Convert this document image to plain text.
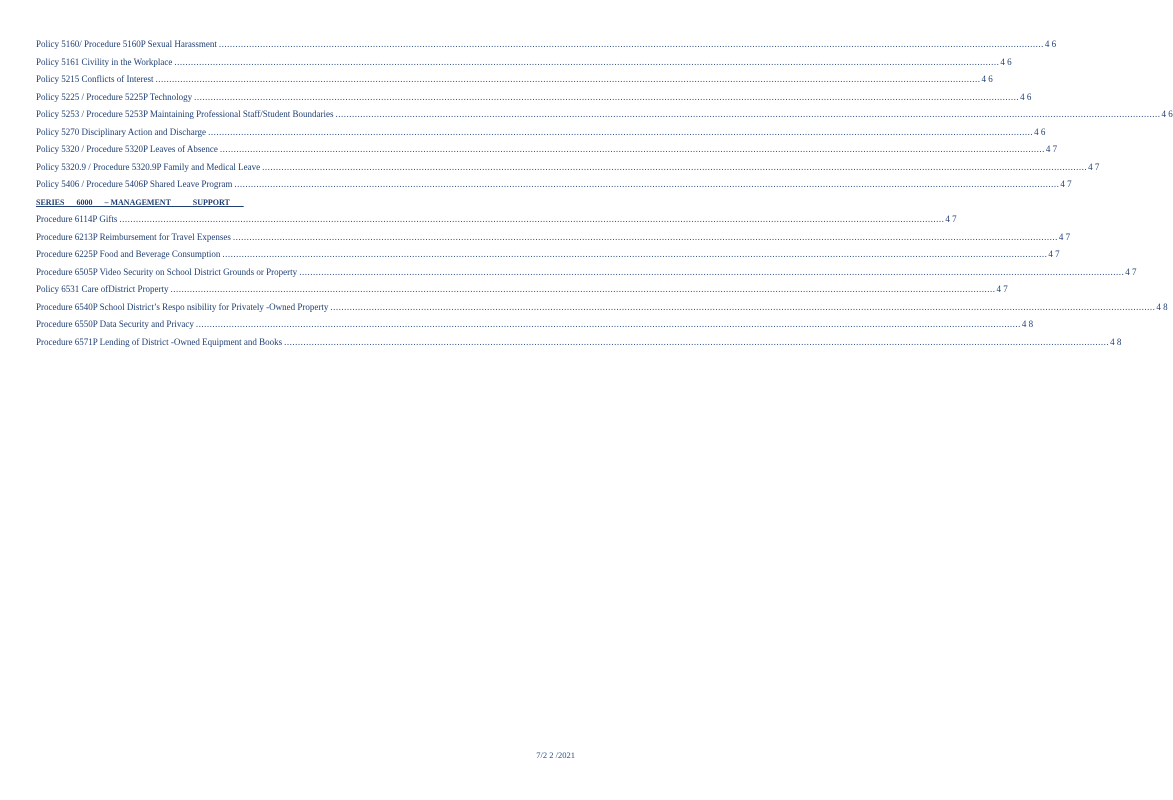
Policy 5160/ Procedure 5160P Sexual Harassment ............................................................................................................................................................................................................................................................................................................ 4 6
Policy 5161 Civility in the Workplace ............................................................................................................................................................................................................................................................................................................ 4 6
Policy 5215 Conflicts of Interest ............................................................................................................................................................................................................................................................................................................ 4 6
Policy 5225 / Procedure 5225P Technology ............................................................................................................................................................................................................................................................................................................ 4 6
Policy 5253 / Procedure 5253P Maintaining Professional Staff/Student Boundaries ............................................................................................................................................................................................................................................................................................................ 4 6
Policy 5270 Disciplinary Action and Discharge ............................................................................................................................................................................................................................................................................................................ 4 6
Policy 5320 / Procedure 5320P Leaves of Absence ............................................................................................................................................................................................................................................................................................................ 4 7
Policy 5320.9 / Procedure 5320.9P Family and Medical Leave ............................................................................................................................................................................................................................................................................................................ 4 7
Policy 5406 / Procedure 5406P Shared Leave Program ............................................................................................................................................................................................................................................................................................................ 4 7
SERIES      6000      – MANAGEMENT           SUPPORT
Procedure 6114P Gifts ............................................................................................................................................................................................................................................................................................................ 4 7
Procedure 6213P Reimbursement for Travel Expenses ............................................................................................................................................................................................................................................................................................................ 4 7
Procedure 6225P Food and Beverage Consumption ............................................................................................................................................................................................................................................................................................................ 4 7
Procedure 6505P Video Security on School District Grounds or Property ............................................................................................................................................................................................................................................................................................................ 4 7
Policy 6531 Care ofDistrict Property ............................................................................................................................................................................................................................................................................................................ 4 7
Procedure 6540P School District’s Respo nsibility for Privately -Owned Property ............................................................................................................................................................................................................................................................................................................ 4 8
Procedure 6550P Data Security and Privacy ............................................................................................................................................................................................................................................................................................................ 4 8
Procedure 6571P Lending of District -Owned Equipment and Books ............................................................................................................................................................................................................................................................................................................ 4 8
7/2 2 /2021
